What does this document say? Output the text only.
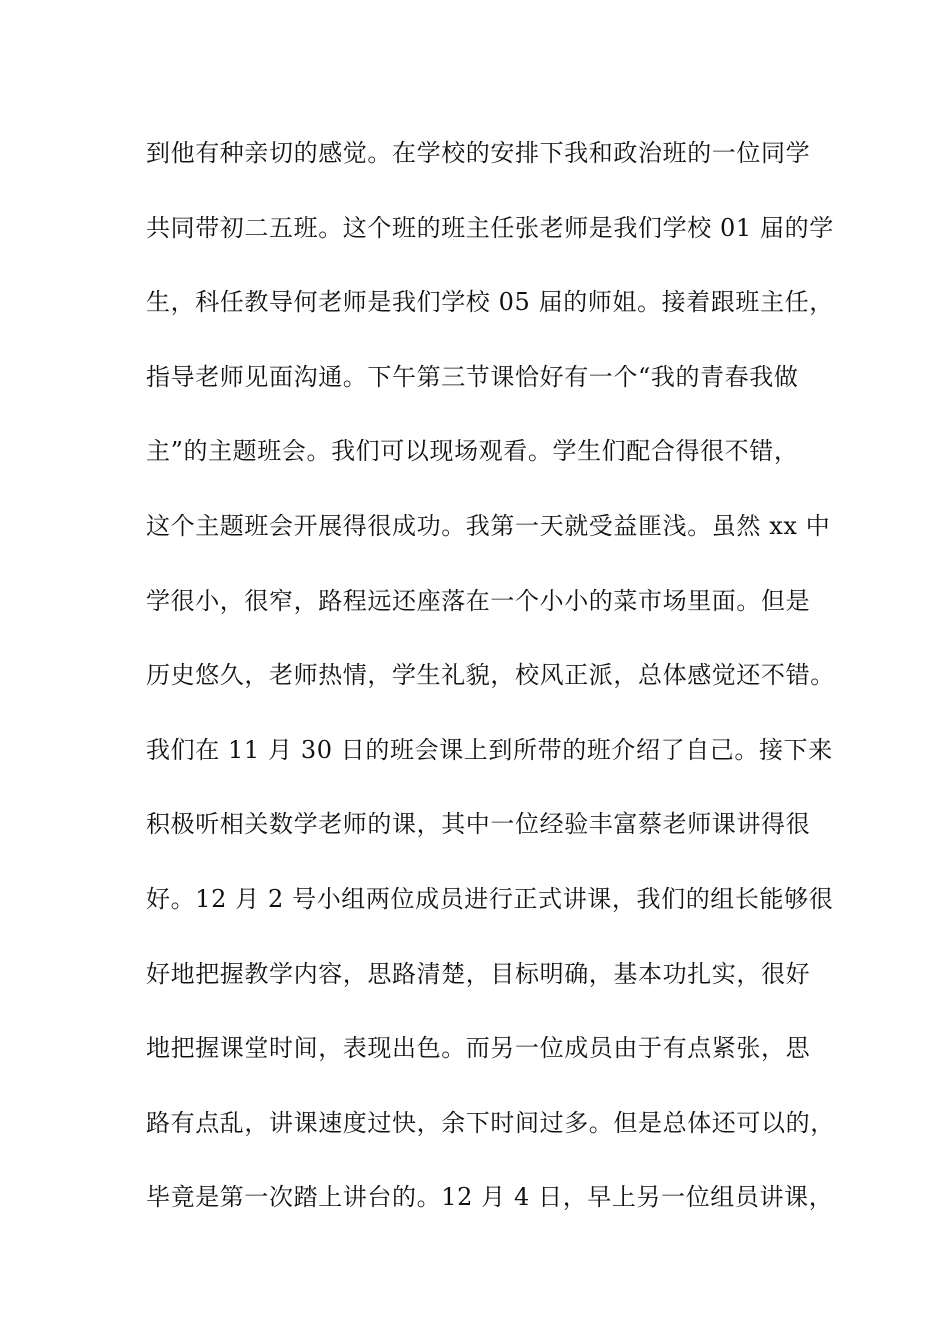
到他有种亲切的感觉。在学校的安排下我和政治班的一位同学
共同带初二五班。这个班的班主任张老师是我们学校 01 届的学
生，科任教导何老师是我们学校 05 届的师姐。接着跟班主任，
指导老师见面沟通。下午第三节课恰好有一个“我的青春我做
主”的主题班会。我们可以现场观看。学生们配合得很不错，
这个主题班会开展得很成功。我第一天就受益匪浅。虽然 xx 中
学很小，很窄，路程远还座落在一个小小的菜市场里面。但是
历史悠久，老师热情，学生礼貌，校风正派，总体感觉还不错。
我们在 11 月 30 日的班会课上到所带的班介绍了自己。接下来
积极听相关数学老师的课，其中一位经验丰富蔡老师课讲得很
好。12 月 2 号小组两位成员进行正式讲课，我们的组长能够很
好地把握教学内容，思路清楚，目标明确，基本功扎实，很好
地把握课堂时间，表现出色。而另一位成员由于有点紧张，思
路有点乱，讲课速度过快，余下时间过多。但是总体还可以的，
毕竟是第一次踏上讲台的。12 月 4 日，早上另一位组员讲课，
